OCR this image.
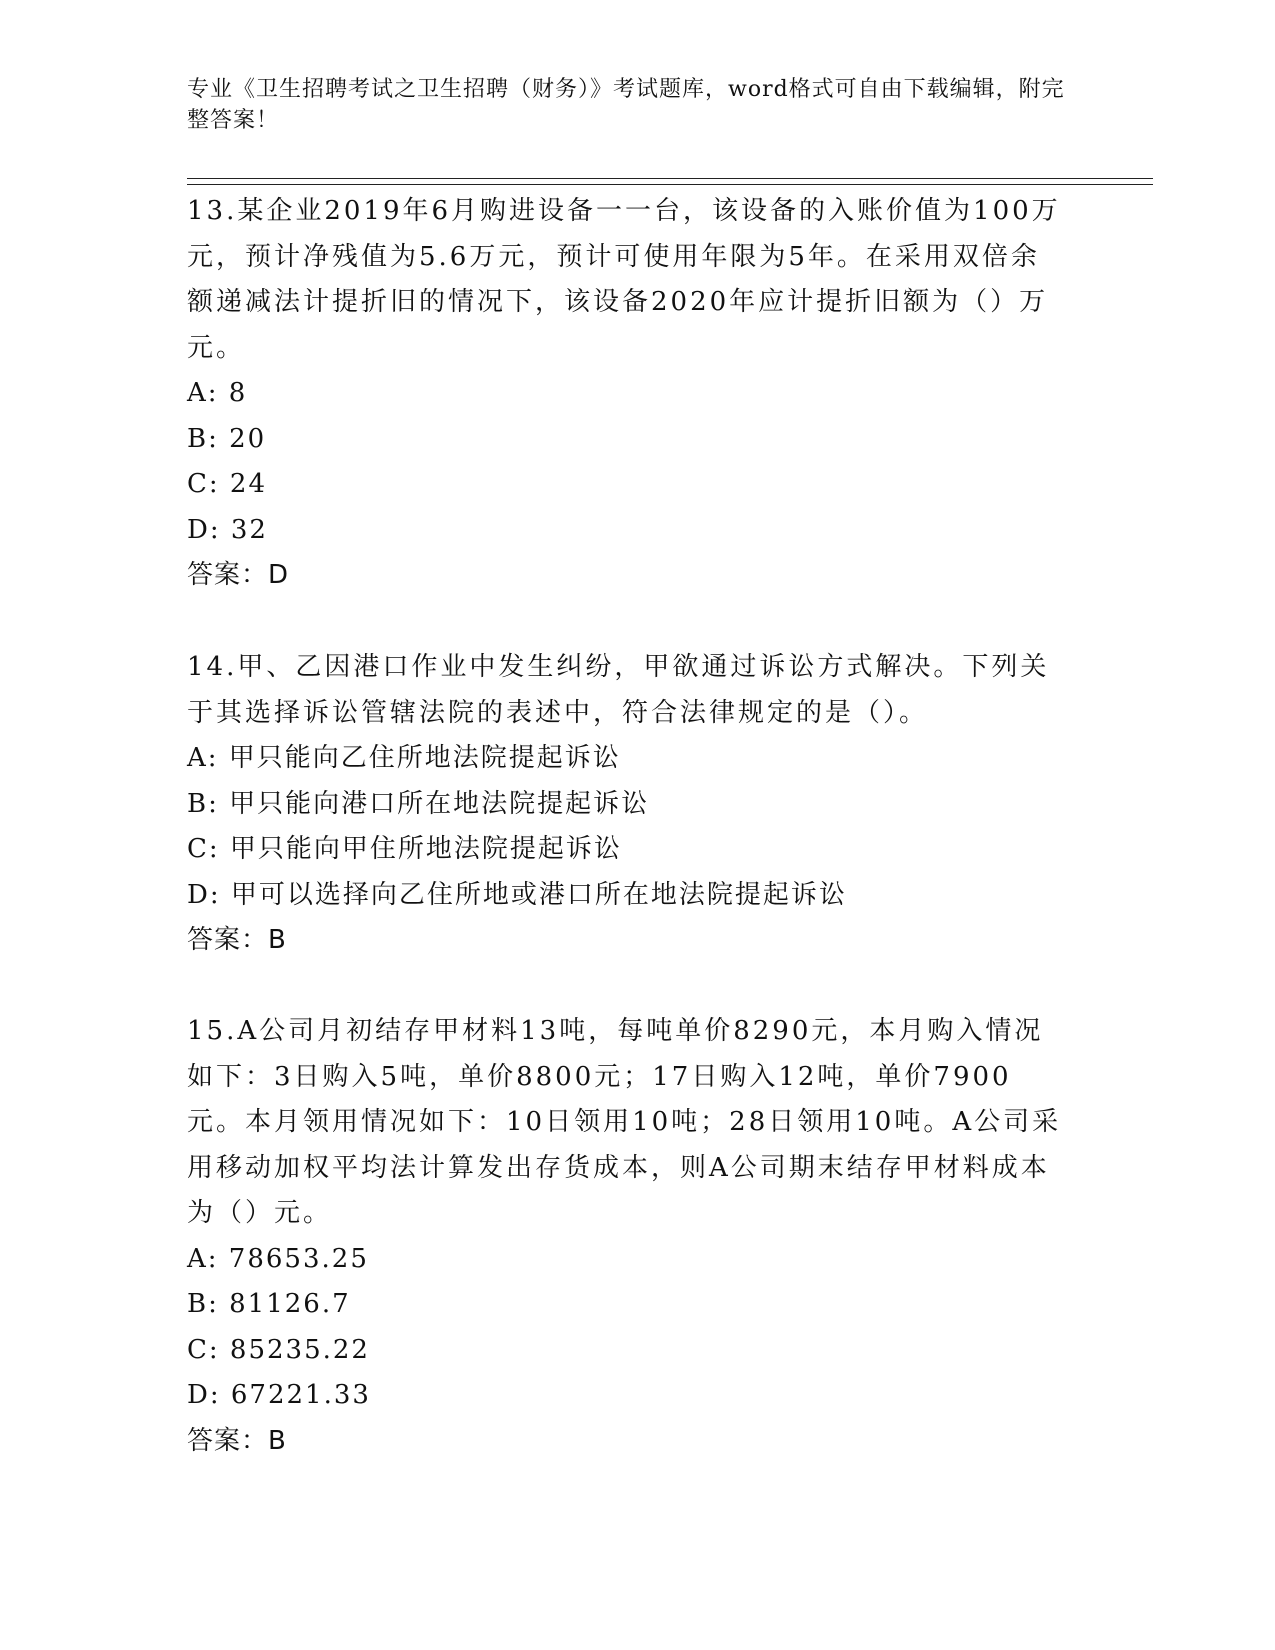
专业《卫生招聘考试之卫生招聘（财务）》考试题库，word格式可自由下载编辑，附完整答案！

13.某企业2019年6月购进设备一一台，该设备的入账价值为100万元，预计净残值为5.6万元，预计可使用年限为5年。在采用双倍余额递减法计提折旧的情况下，该设备2020年应计提折旧额为（）万元。

A: 8

B: 20

C: 24

D: 32

答案：D

14.甲、乙因港口作业中发生纠纷，甲欲通过诉讼方式解决。下列关于其选择诉讼管辖法院的表述中，符合法律规定的是（）。

A: 甲只能向乙住所地法院提起诉讼

B: 甲只能向港口所在地法院提起诉讼

C: 甲只能向甲住所地法院提起诉讼

D: 甲可以选择向乙住所地或港口所在地法院提起诉讼

答案：B

15.A公司月初结存甲材料13吨，每吨单价8290元，本月购入情况如下：3日购入5吨，单价8800元；17日购入12吨，单价7900元。本月领用情况如下：10日领用10吨；28日领用10吨。A公司采用移动加权平均法计算发出存货成本，则A公司期末结存甲材料成本为（）元。

A: 78653.25

B: 81126.7

C: 85235.22

D: 67221.33

答案：B
